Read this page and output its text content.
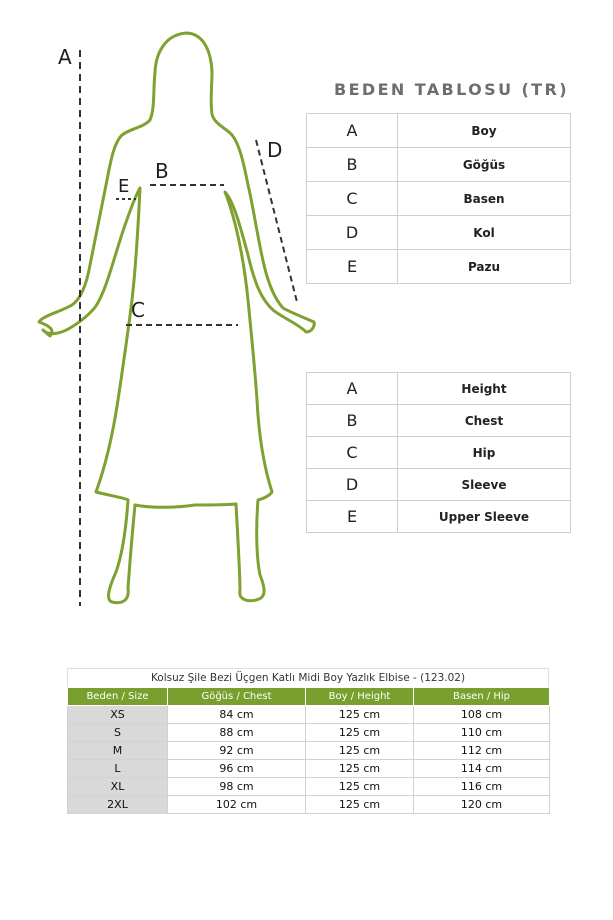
A
B
C
D
E
BEDEN TABLOSU (TR)
A	Boy
B	Göğüs
C	Basen
D	Kol
E	Pazu
A	Height
B	Chest
C	Hip
D	Sleeve
E	Upper Sleeve
Kolsuz Şile Bezi Üçgen Katlı Midi Boy Yazlık Elbise - (123.02)
Beden / Size	Göğüs / Chest	Boy / Height	Basen / Hip
XS	84 cm	125 cm	108 cm
S	88 cm	125 cm	110 cm
M	92 cm	125 cm	112 cm
L	96 cm	125 cm	114 cm
XL	98 cm	125 cm	116 cm
2XL	102 cm	125 cm	120 cm
